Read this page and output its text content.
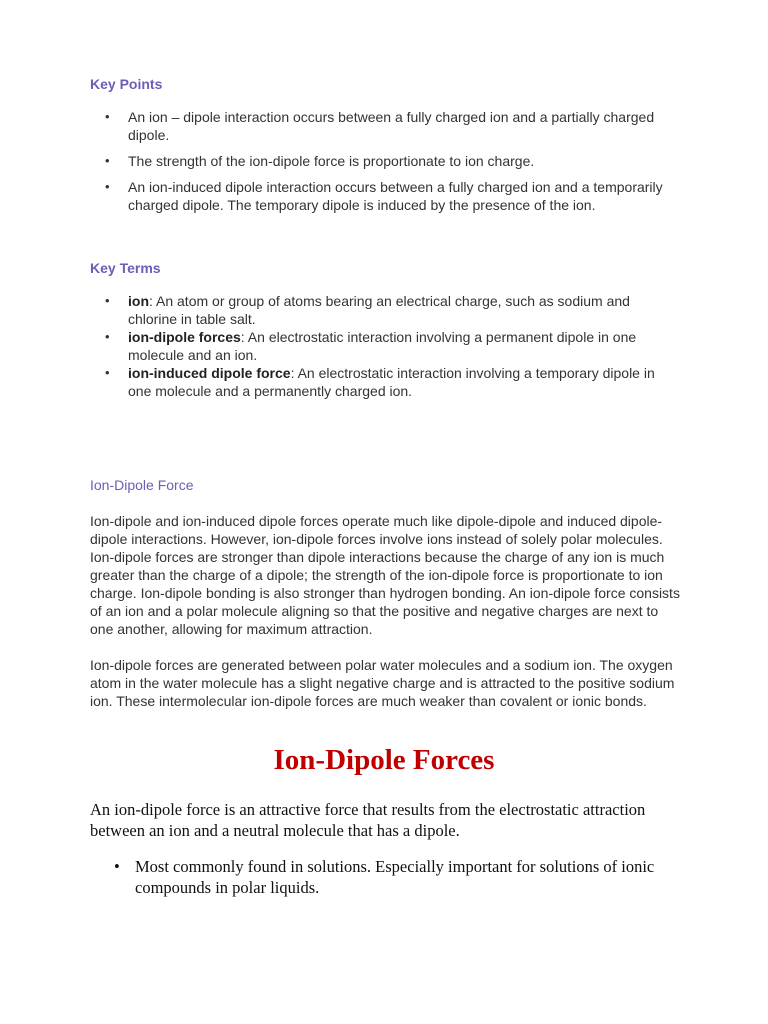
Key Points
• An ion – dipole interaction occurs between a fully charged ion and a partially charged dipole.
• The strength of the ion-dipole force is proportionate to ion charge.
• An ion-induced dipole interaction occurs between a fully charged ion and a temporarily charged dipole. The temporary dipole is induced by the presence of the ion.
Key Terms
• ion: An atom or group of atoms bearing an electrical charge, such as sodium and chlorine in table salt.
• ion-dipole forces: An electrostatic interaction involving a permanent dipole in one molecule and an ion.
• ion-induced dipole force: An electrostatic interaction involving a temporary dipole in one molecule and a permanently charged ion.
Ion-Dipole Force

Ion-dipole and ion-induced dipole forces operate much like dipole-dipole and induced dipole-dipole interactions. However, ion-dipole forces involve ions instead of solely polar molecules. Ion-dipole forces are stronger than dipole interactions because the charge of any ion is much greater than the charge of a dipole; the strength of the ion-dipole force is proportionate to ion charge. Ion-dipole bonding is also stronger than hydrogen bonding. An ion-dipole force consists of an ion and a polar molecule aligning so that the positive and negative charges are next to one another, allowing for maximum attraction.

Ion-dipole forces are generated between polar water molecules and a sodium ion. The oxygen atom in the water molecule has a slight negative charge and is attracted to the positive sodium ion. These intermolecular ion-dipole forces are much weaker than covalent or ionic bonds.

Ion-Dipole Forces

An ion-dipole force is an attractive force that results from the electrostatic attraction between an ion and a neutral molecule that has a dipole.

• Most commonly found in solutions. Especially important for solutions of ionic compounds in polar liquids.
